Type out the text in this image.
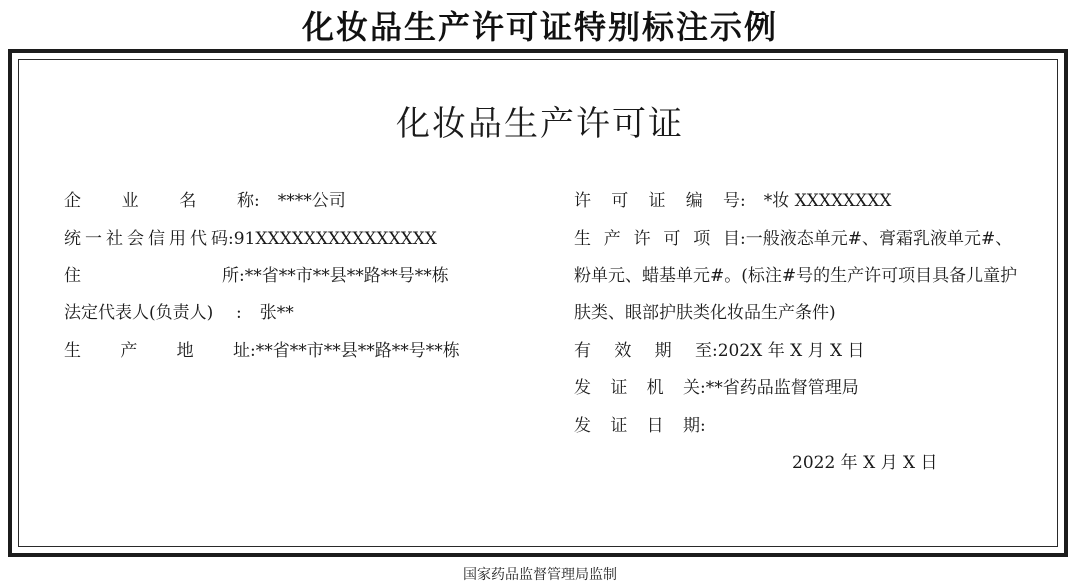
化妆品生产许可证特别标注示例
化妆品生产许可证
企业名称: ****公司
统一社会信用代码:91XXXXXXXXXXXXXXX
住所:**省**市**县**路**号**栋
法定代表人(负责人) : 张**
生产地址:**省**市**县**路**号**栋
许可证编号: *妆 XXXXXXXX
生产许可项目:一般液态单元#、膏霜乳液单元#、
粉单元、蜡基单元#。(标注#号的生产许可项目具备儿童护
肤类、眼部护肤类化妆品生产条件)
有效期至:202X 年 X 月 X 日
发证机关:**省药品监督管理局
发证日期:
2022 年 X 月 X 日
国家药品监督管理局监制
